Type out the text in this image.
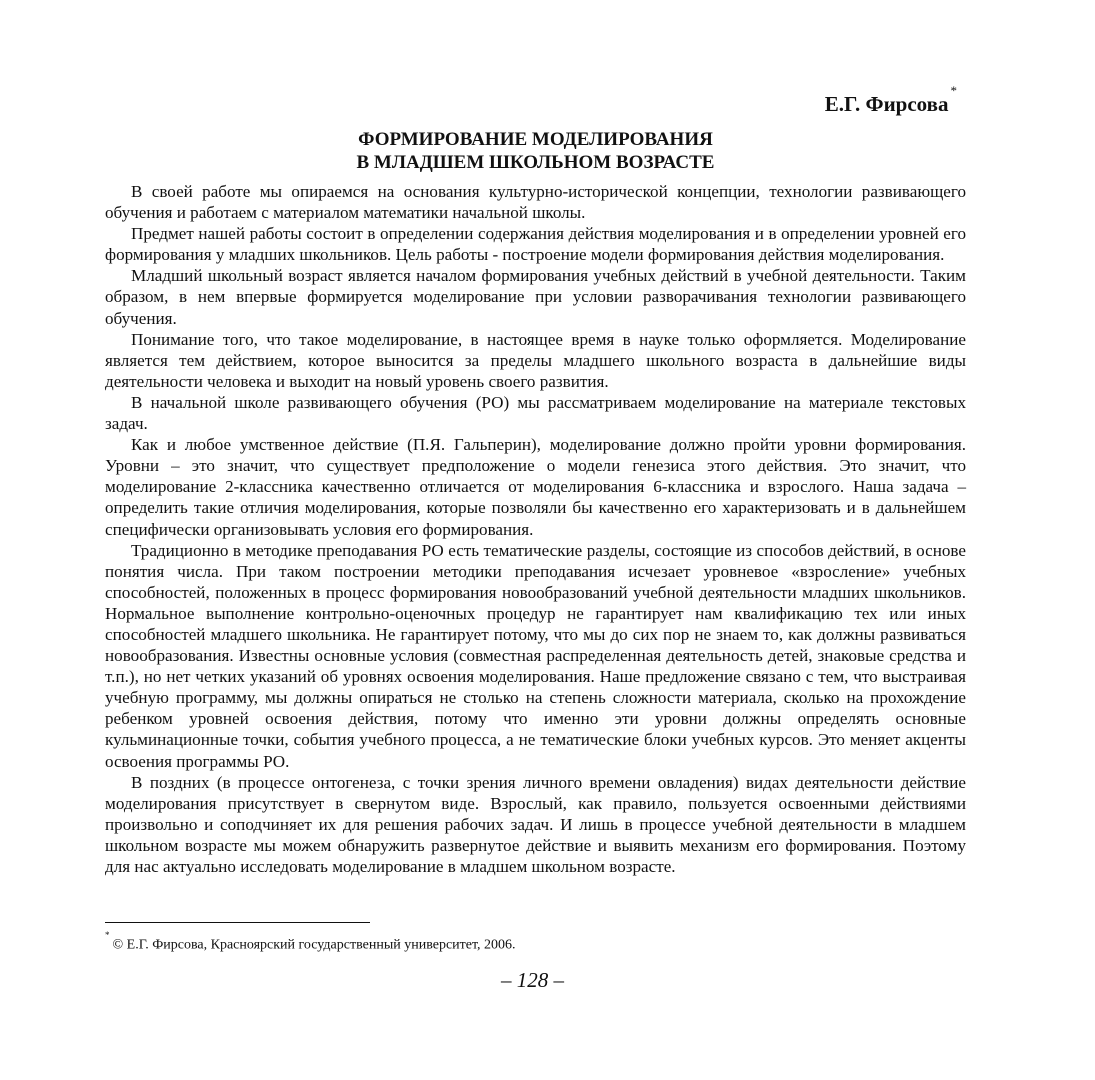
Е.Г. Фирсова*
ФОРМИРОВАНИЕ МОДЕЛИРОВАНИЯ
В МЛАДШЕМ ШКОЛЬНОМ ВОЗРАСТЕ

В своей работе мы опираемся на основания культурно-исторической концепции, технологии развивающего обучения и работаем с материалом математики начальной школы.

Предмет нашей работы состоит в определении содержания действия моделирования и в определении уровней его формирования у младших школьников. Цель работы - построение модели формирования действия моделирования.

Младший школьный возраст является началом формирования учебных действий в учебной деятельности. Таким образом, в нем впервые формируется моделирование при условии разворачивания технологии развивающего обучения.

Понимание того, что такое моделирование, в настоящее время в науке только оформляется. Моделирование является тем действием, которое выносится за пределы младшего школьного возраста в дальнейшие виды деятельности человека и выходит на новый уровень своего развития.

В начальной школе развивающего обучения (РО) мы рассматриваем моделирование на материале текстовых задач.

Как и любое умственное действие (П.Я. Гальперин), моделирование должно пройти уровни формирования. Уровни – это значит, что существует предположение о модели генезиса этого действия. Это значит, что моделирование 2-классника качественно отличается от моделирования 6-классника и взрослого. Наша задача – определить такие отличия моделирования, которые позволяли бы качественно его характеризовать и в дальнейшем специфически организовывать условия его формирования.

Традиционно в методике преподавания РО есть тематические разделы, состоящие из способов действий, в основе понятия числа. При таком построении методики преподавания исчезает уровневое «взросление» учебных способностей, положенных в процесс формирования новообразований учебной деятельности младших школьников. Нормальное выполнение контрольно-оценочных процедур не гарантирует нам квалификацию тех или иных способностей младшего школьника. Не гарантирует потому, что мы до сих пор не знаем то, как должны развиваться новообразования. Известны основные условия (совместная распределенная деятельность детей, знаковые средства и т.п.), но нет четких указаний об уровнях освоения моделирования. Наше предложение связано с тем, что выстраивая учебную программу, мы должны опираться не столько на степень сложности материала, сколько на прохождение ребенком уровней освоения действия, потому что именно эти уровни должны определять основные кульминационные точки, события учебного процесса, а не тематические блоки учебных курсов. Это меняет акценты освоения программы РО.

В поздних (в процессе онтогенеза, с точки зрения личного времени овладения) видах деятельности действие моделирования присутствует в свернутом виде. Взрослый, как правило, пользуется освоенными действиями произвольно и соподчиняет их для решения рабочих задач. И лишь в процессе учебной деятельности в младшем школьном возрасте мы можем обнаружить развернутое действие и выявить механизм его формирования. Поэтому для нас актуально исследовать моделирование в младшем школьном возрасте.

*© Е.Г. Фирсова, Красноярский государственный университет, 2006.
– 128 –
